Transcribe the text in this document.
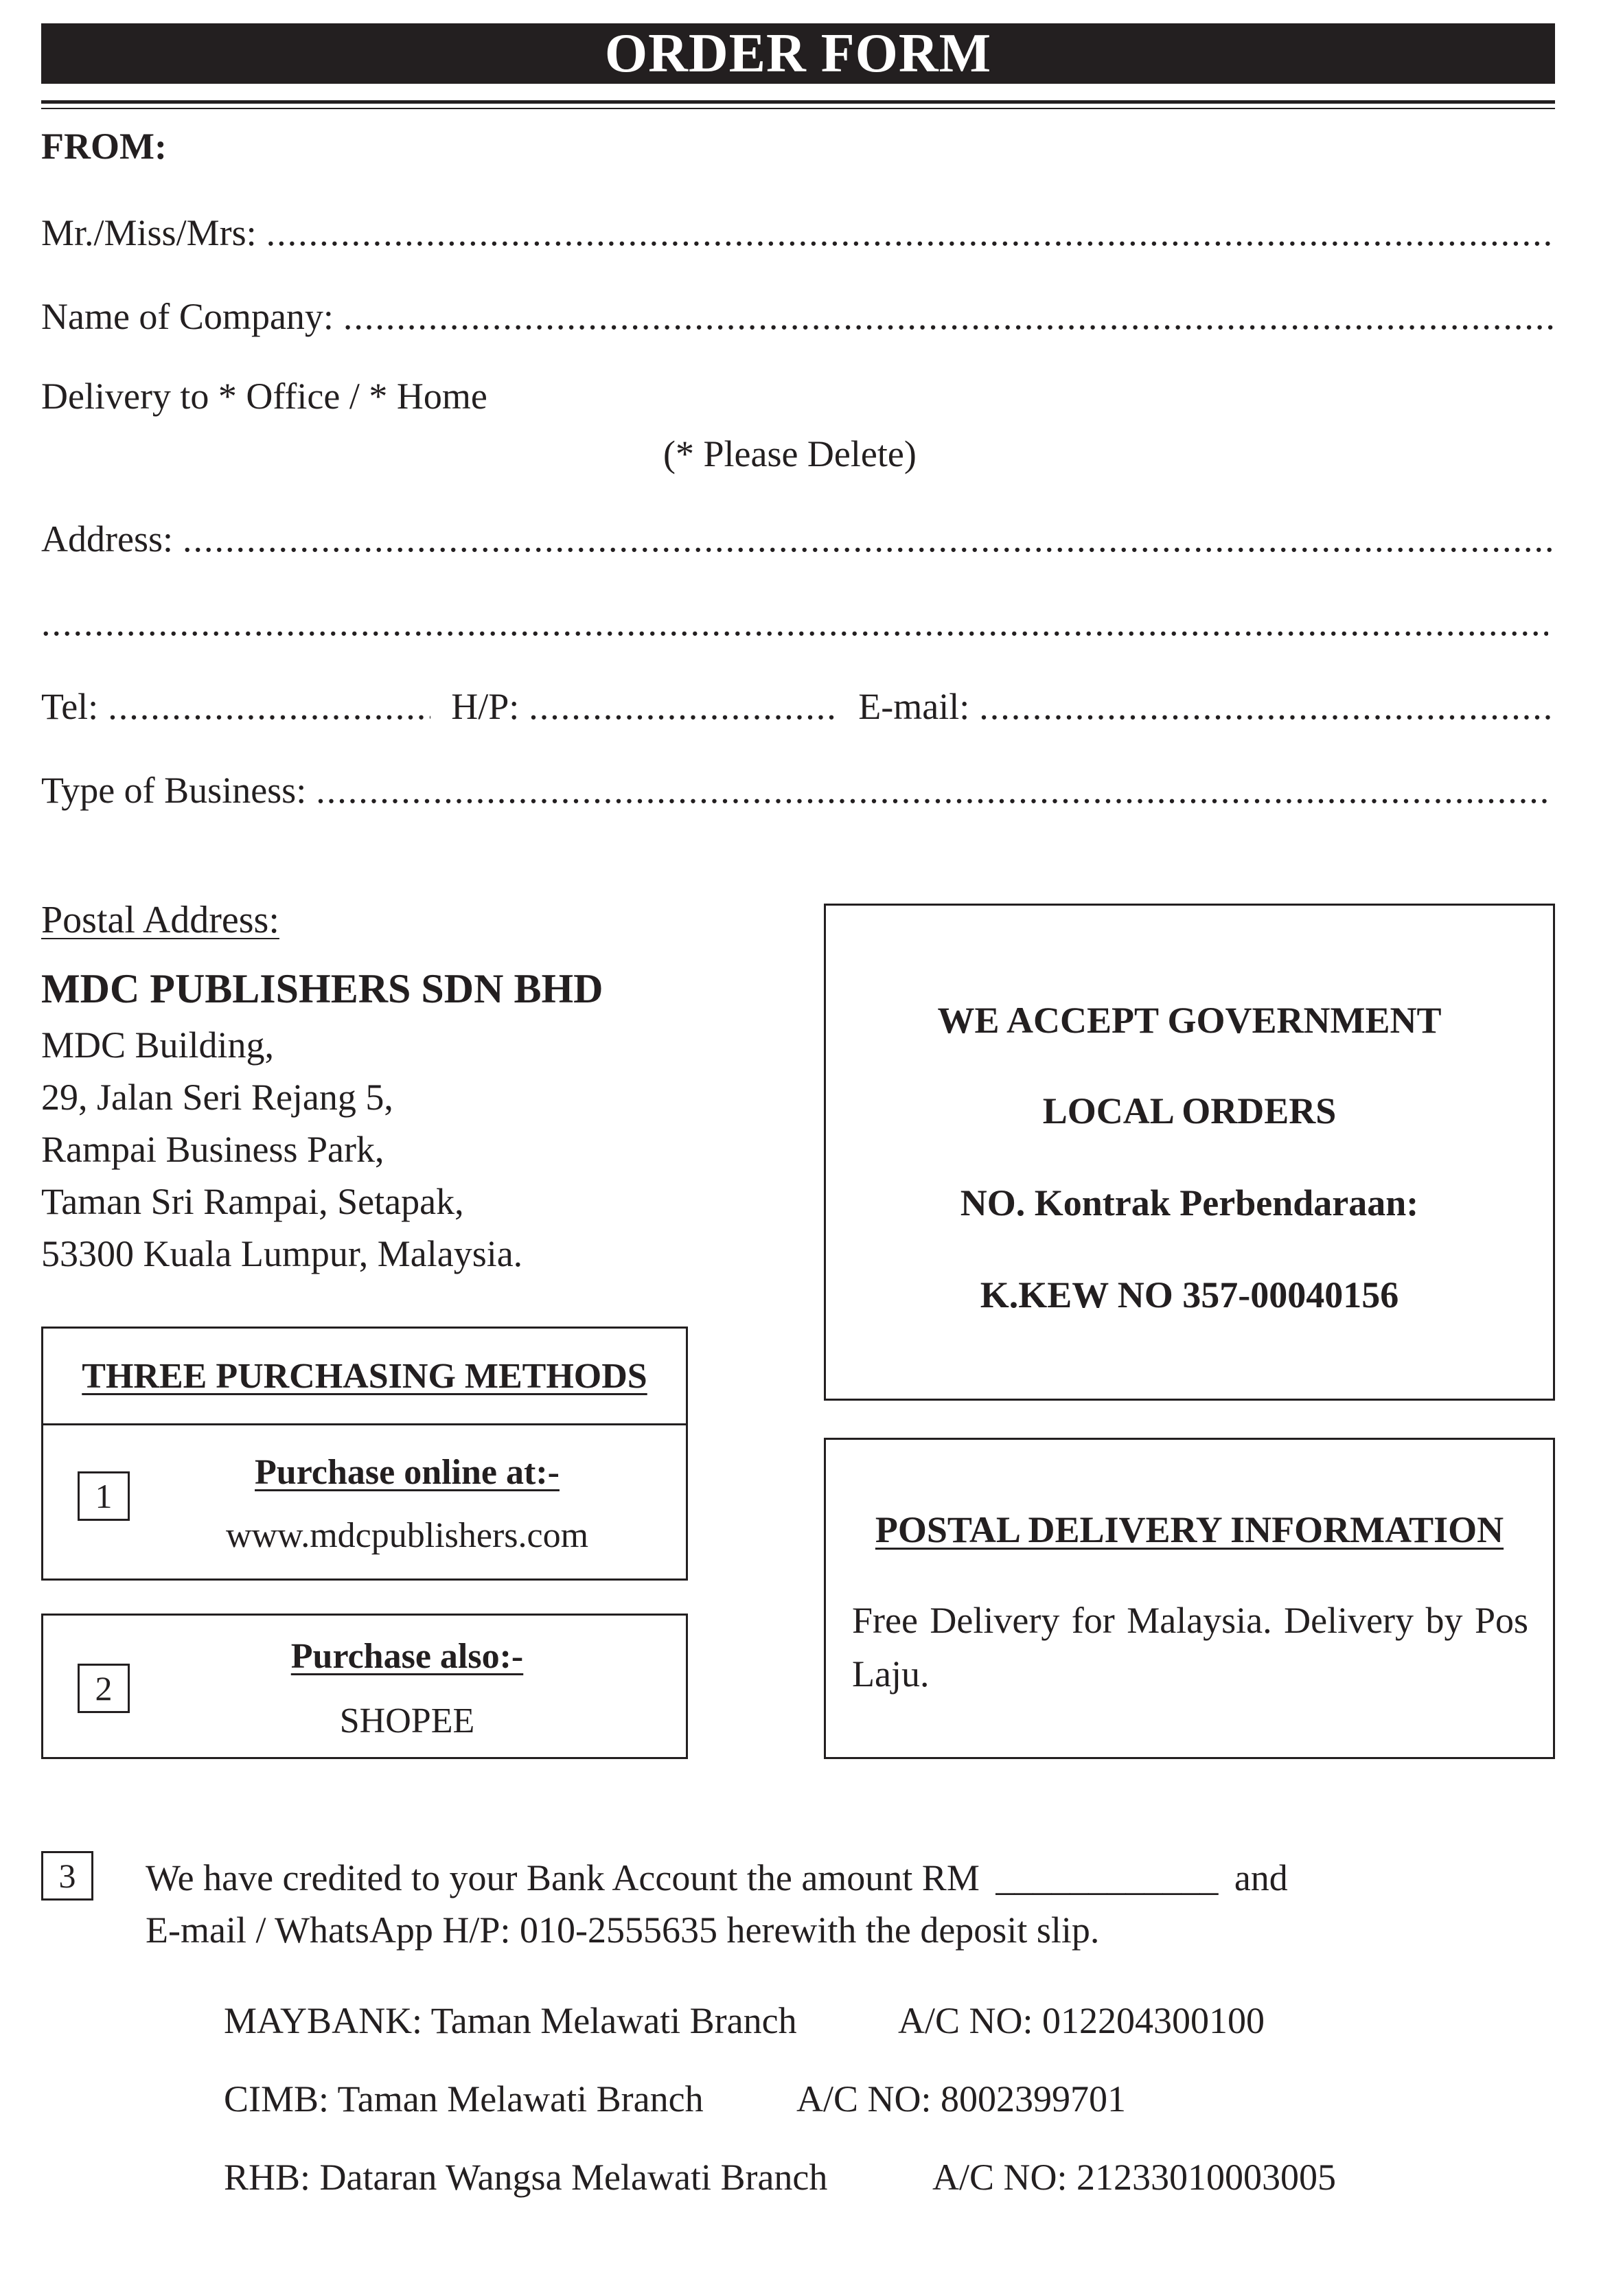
ORDER FORM
FROM:
Mr./Miss/Mrs:
.....
Name of Company:
.....
Delivery to * Office / * Home
(* Please Delete)
Address:
.....
.....
Tel: .....	H/P: .....	E-mail:
.....
Type of Business:
.....
Postal Address:
MDC PUBLISHERS SDN BHD
MDC Building,
29, Jalan Seri Rejang 5,
Rampai Business Park,
Taman Sri Rampai, Setapak,
53300 Kuala Lumpur, Malaysia.
WE ACCEPT GOVERNMENT
LOCAL ORDERS
NO. Kontrak Perbendaraan:
K.KEW NO 357-00040156
THREE PURCHASING METHODS
1
Purchase online at:-
www.mdcpublishers.com
2
Purchase also:-
SHOPEE
POSTAL DELIVERY INFORMATION
Free Delivery for Malaysia. Delivery by Pos Laju.
3	We have credited to your Bank Account the amount RM ____________ and
E-mail / WhatsApp H/P: 010-2555635 herewith the deposit slip.
MAYBANK: Taman Melawati Branch	A/C NO: 012204300100
CIMB: Taman Melawati Branch	A/C NO: 8002399701
RHB: Dataran Wangsa Melawati Branch	A/C NO: 21233010003005
